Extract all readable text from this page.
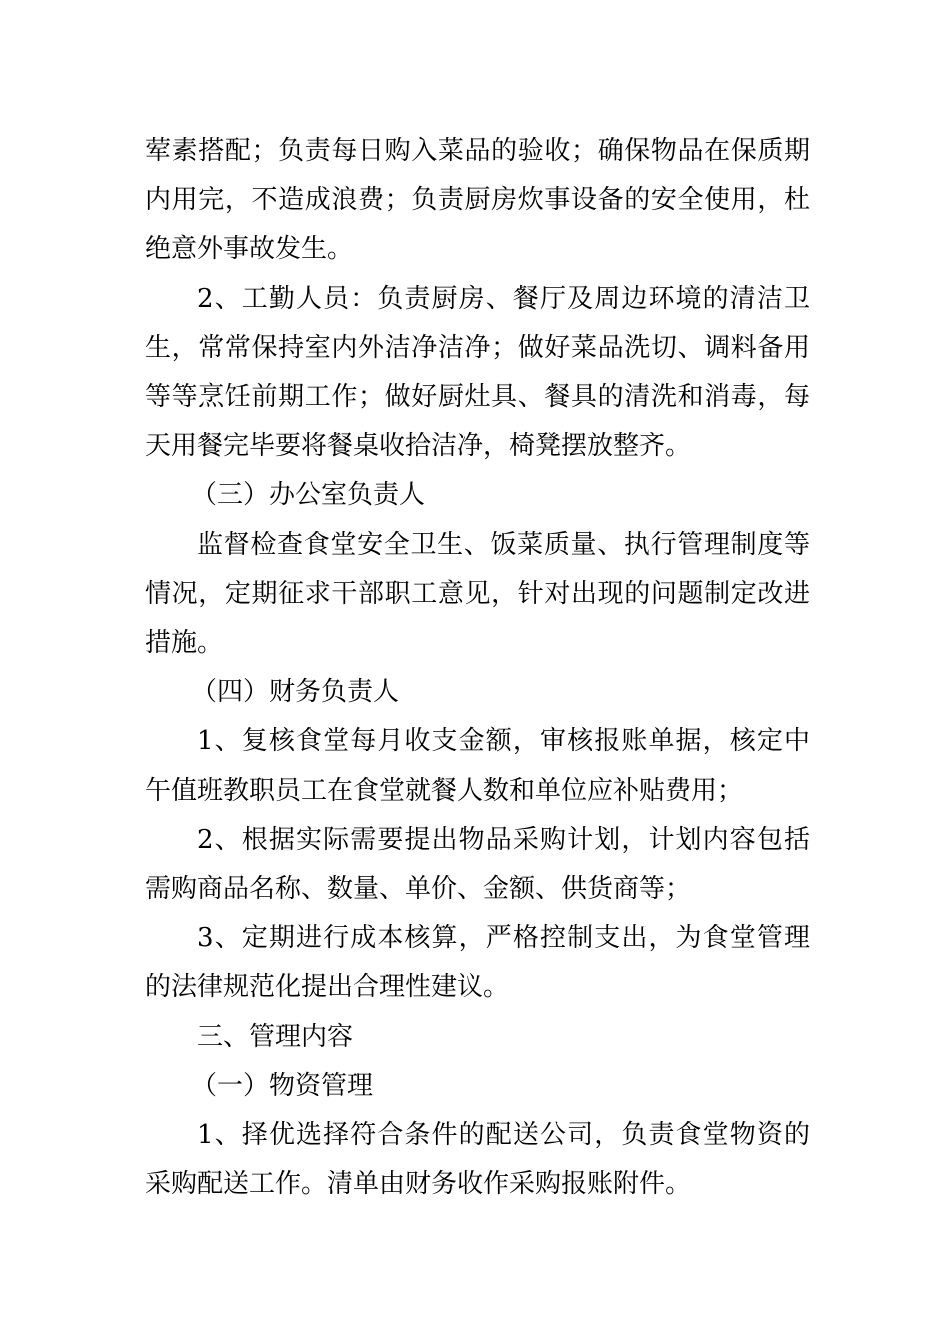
荤素搭配；负责每日购入菜品的验收；确保物品在保质期内用完，不造成浪费；负责厨房炊事设备的安全使用，杜绝意外事故发生。

2、工勤人员：负责厨房、餐厅及周边环境的清洁卫生，常常保持室内外洁净洁净；做好菜品洗切、调料备用等等烹饪前期工作；做好厨灶具、餐具的清洗和消毒，每天用餐完毕要将餐桌收拾洁净，椅凳摆放整齐。

（三）办公室负责人

监督检查食堂安全卫生、饭菜质量、执行管理制度等情况，定期征求干部职工意见，针对出现的问题制定改进措施。

（四）财务负责人

1、复核食堂每月收支金额，审核报账单据，核定中午值班教职员工在食堂就餐人数和单位应补贴费用；

2、根据实际需要提出物品采购计划，计划内容包括需购商品名称、数量、单价、金额、供货商等；

3、定期进行成本核算，严格控制支出，为食堂管理的法律规范化提出合理性建议。

三、管理内容

（一）物资管理

1、择优选择符合条件的配送公司，负责食堂物资的采购配送工作。清单由财务收作采购报账附件。
